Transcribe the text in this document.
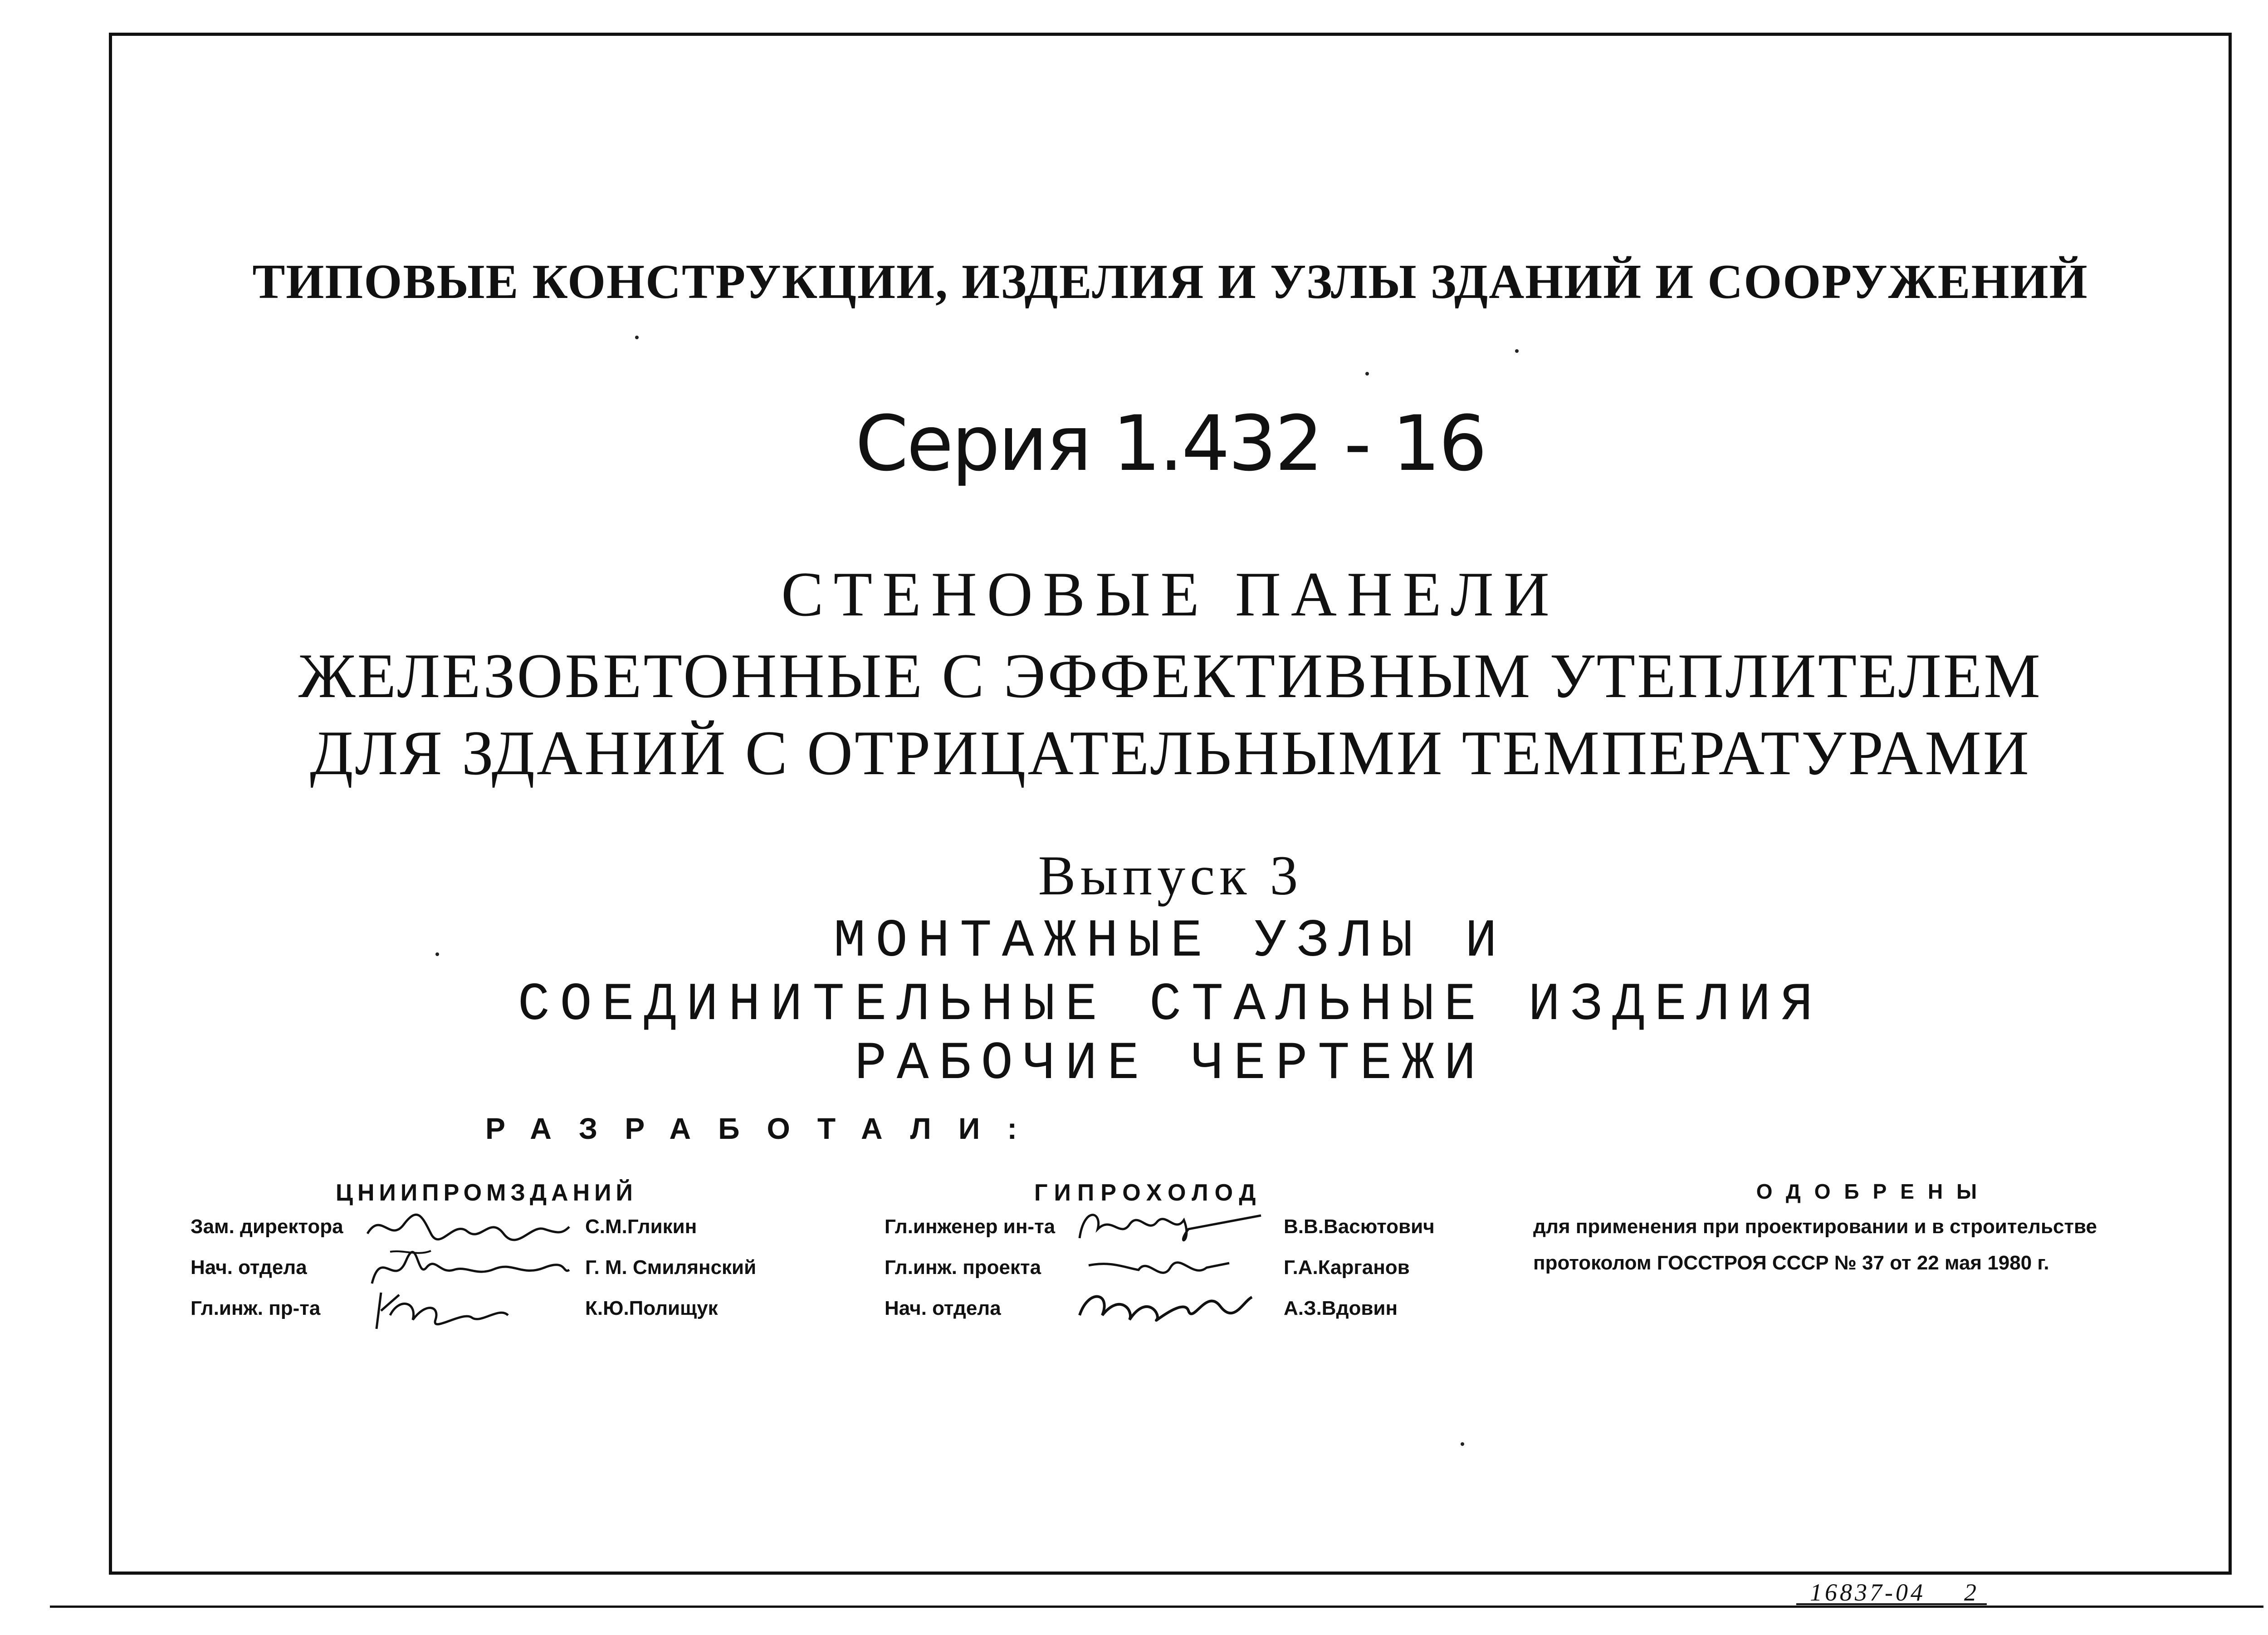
ТИПОВЫЕ КОНСТРУКЦИИ, ИЗДЕЛИЯ И УЗЛЫ ЗДАНИЙ И СООРУЖЕНИЙ
Серия 1.432 - 16
СТЕНОВЫЕ ПАНЕЛИ
ЖЕЛЕЗОБЕТОННЫЕ С ЭФФЕКТИВНЫМ УТЕПЛИТЕЛЕМ
ДЛЯ ЗДАНИЙ С ОТРИЦАТЕЛЬНЫМИ ТЕМПЕРАТУРАМИ
Выпуск 3
МОНТАЖНЫЕ УЗЛЫ И
СОЕДИНИТЕЛЬНЫЕ СТАЛЬНЫЕ ИЗДЕЛИЯ
РАБОЧИЕ ЧЕРТЕЖИ
РАЗРАБОТАЛИ:
ЦНИИПРОМЗДАНИЙ
Зам. директора	С.М.Гликин
Нач. отдела	Г. М. Смилянский
Гл.инж. пр-та	К.Ю.Полищук
ГИПРОХОЛОД
Гл.инженер ин-та	В.В.Васютович
Гл.инж. проекта	Г.А.Карганов
Нач. отдела	А.З.Вдовин
ОДОБРЕНЫ
для применения при проектировании и в строительстве
протоколом ГОССТРОЯ СССР № 37 от 22 мая 1980 г.
16837-04 2
